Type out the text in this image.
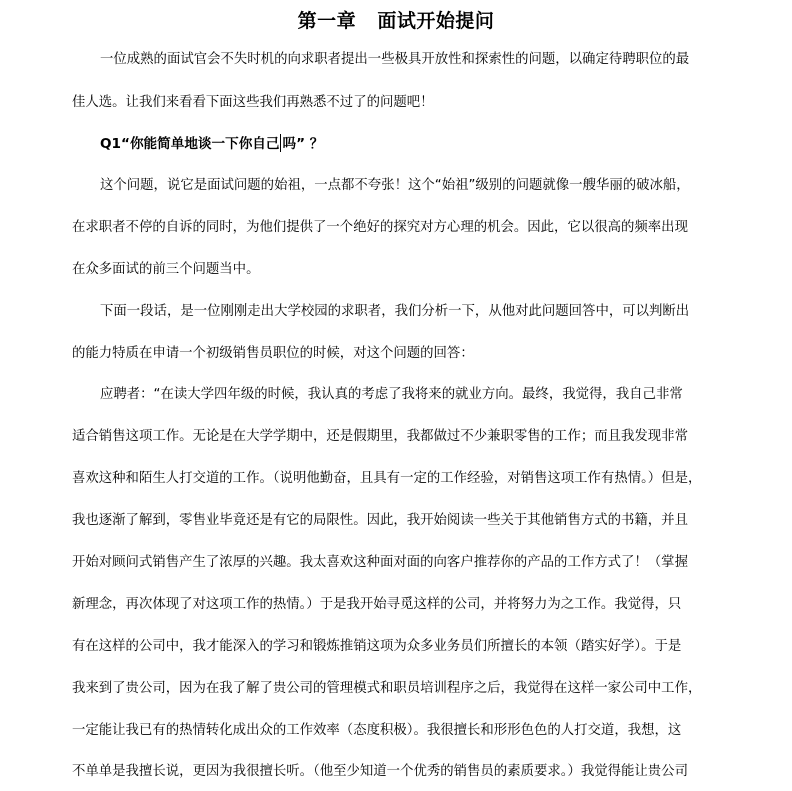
第一章   面试开始提问
一位成熟的面试官会不失时机的向求职者提出一些极具开放性和探索性的问题，以确定待聘职位的最
佳人选。让我们来看看下面这些我们再熟悉不过了的问题吧！
Q1“你能简单地谈一下你自己 吗” ？
这个问题，说它是面试问题的始祖，一点都不夸张！这个“始祖”级别的问题就像一艘华丽的破冰船，
在求职者不停的自诉的同时，为他们提供了一个绝好的探究对方心理的机会。因此，它以很高的频率出现
在众多面试的前三个问题当中。
下面一段话，是一位刚刚走出大学校园的求职者，我们分析一下，从他对此问题回答中，可以判断出
的能力特质在申请一个初级销售员职位的时候，对这个问题的回答：
应聘者：“在读大学四年级的时候，我认真的考虑了我将来的就业方向。最终，我觉得，我自己非常
适合销售这项工作。无论是在大学学期中，还是假期里，我都做过不少兼职零售的工作；而且我发现非常
喜欢这种和陌生人打交道的工作。（说明他勤奋，且具有一定的工作经验，对销售这项工作有热情。）但是，
我也逐渐了解到，零售业毕竟还是有它的局限性。因此，我开始阅读一些关于其他销售方式的书籍，并且
开始对顾问式销售产生了浓厚的兴趣。我太喜欢这种面对面的向客户推荐你的产品的工作方式了！（掌握
新理念，再次体现了对这项工作的热情。）于是我开始寻觅这样的公司，并将努力为之工作。我觉得，只
有在这样的公司中，我才能深入的学习和锻炼推销这项为众多业务员们所擅长的本领（踏实好学）。于是
我来到了贵公司，因为在我了解了贵公司的管理模式和职员培训程序之后，我觉得在这样一家公司中工作，
一定能让我已有的热情转化成出众的工作效率（态度积极）。我很擅长和形形色色的人打交道，我想，这
不单单是我擅长说，更因为我很擅长听。（他至少知道一个优秀的销售员的素质要求。）我觉得能让贵公司
